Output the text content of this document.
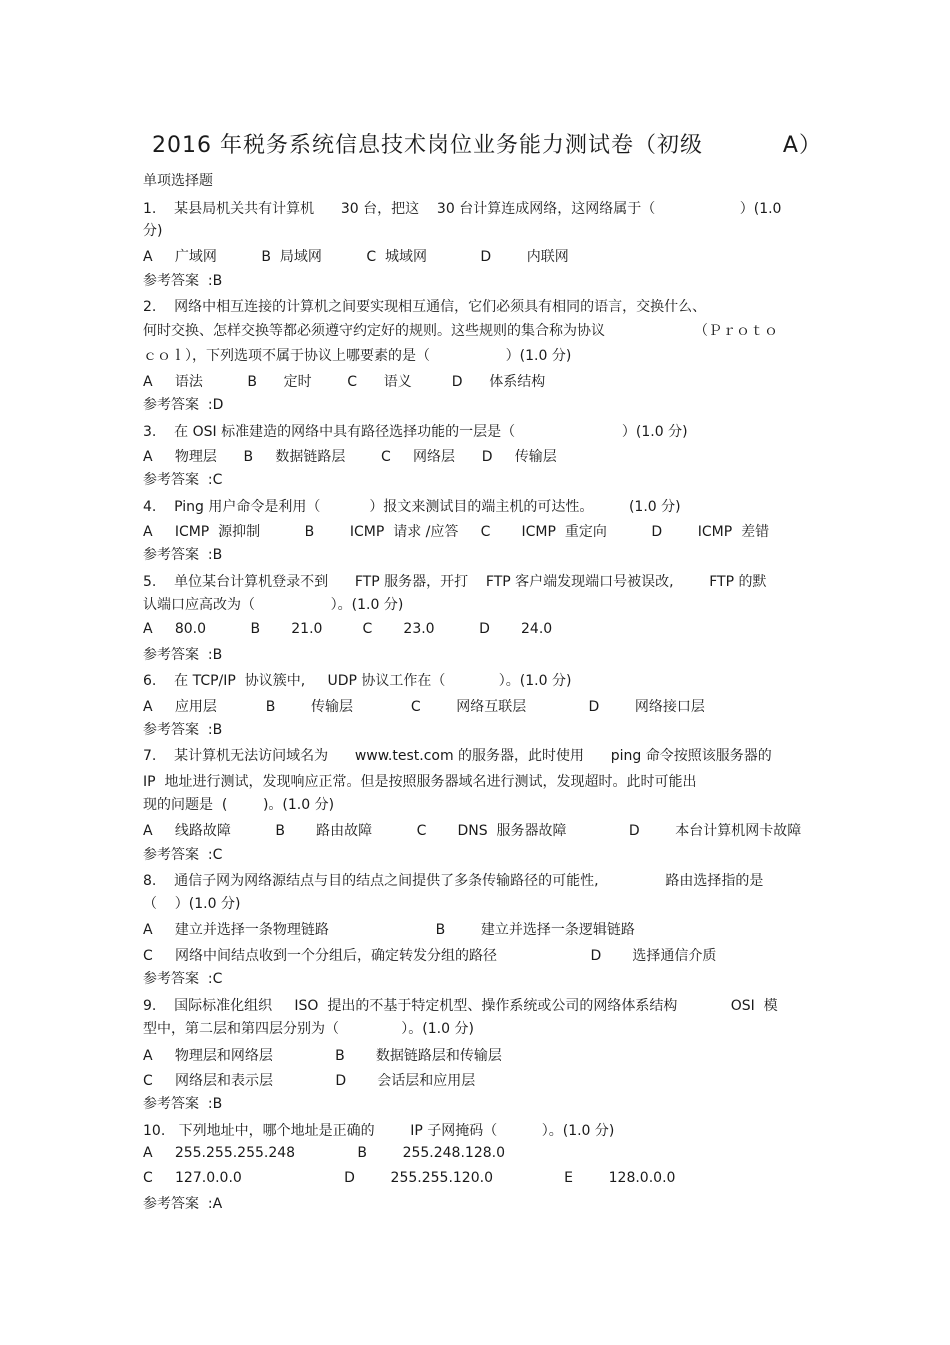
2016 年税务系统信息技术岗位业务能力测试卷（初级          A）
单项选择题
1.    某县局机关共有计算机      30 台，把这    30 台计算连成网络，这网络属于（                   ）(1.0
分)
A     广域网          B  局域网          C  城域网            D        内联网
参考答案  :B
2.    网络中相互连接的计算机之间要实现相互通信，它们必须具有相同的语言，交换什么、
何时交换、怎样交换等都必须遵守约定好的规则。这些规则的集合称为协议                    （Ｐｒｏｔｏ
ｃｏｌ），下列选项不属于协议上哪要素的是（                 ）(1.0 分)
A     语法          B      定时        C      语义         D      体系结构
参考答案  :D
3.    在 OSI 标准建造的网络中具有路径选择功能的一层是（                        ）(1.0 分)
A     物理层      B     数据链路层        C     网络层      D     传输层
参考答案  :C
4.    Ping 用户命令是利用（           ）报文来测试目的端主机的可达性。        (1.0 分)
A     ICMP  源抑制          B        ICMP  请求 /应答     C       ICMP  重定向          D        ICMP  差错
参考答案  :B
5.    单位某台计算机登录不到      FTP 服务器，开打    FTP 客户端发现端口号被误改,        FTP 的默
认端口应高改为（                 ）。(1.0 分)
A     80.0          B       21.0         C       23.0          D       24.0
参考答案  :B
6.    在 TCP/IP  协议簇中,     UDP 协议工作在（            ）。(1.0 分)
A     应用层           B        传输层             C        网络互联层              D        网络接口层
参考答案  :B
7.    某计算机无法访问域名为      www.test.com 的服务器，此时使用      ping 命令按照该服务器的
IP  地址进行测试，发现响应正常。但是按照服务器域名进行测试，发现超时。此时可能出
现的问题是  (        )。(1.0 分)
A     线路故障          B       路由故障          C       DNS  服务器故障              D        本台计算机网卡故障
参考答案  :C
8.    通信子网为网络源结点与目的结点之间提供了多条传输路径的可能性,               路由选择指的是
（    ）(1.0 分)
A     建立并选择一条物理链路                        B        建立并选择一条逻辑链路
C     网络中间结点收到一个分组后，确定转发分组的路径                     D       选择通信介质
参考答案  :C
9.    国际标准化组织     ISO  提出的不基于特定机型、操作系统或公司的网络体系结构            OSI  模
型中，第二层和第四层分别为（              ）。(1.0 分)
A     物理层和网络层              B       数据链路层和传输层
C     网络层和表示层              D       会话层和应用层
参考答案  :B
10.   下列地址中，哪个地址是正确的        IP 子网掩码（          ）。(1.0 分)
A     255.255.255.248              B        255.248.128.0
C     127.0.0.0                       D        255.255.120.0                E        128.0.0.0
参考答案  :A
